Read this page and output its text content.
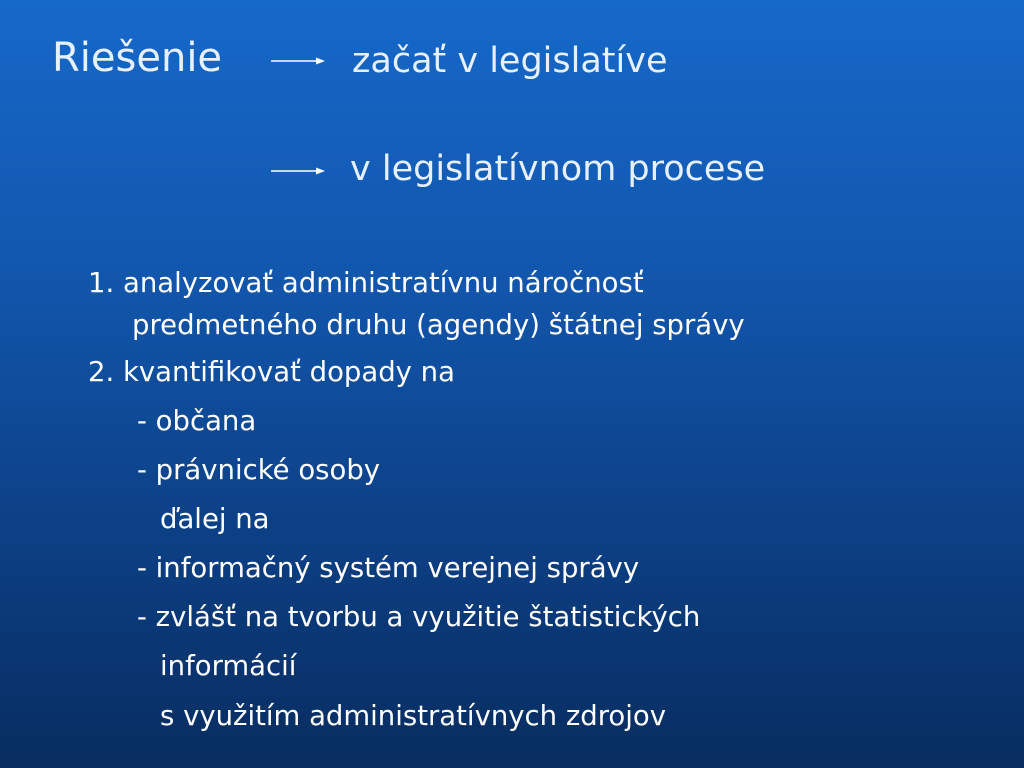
Riešenie	začať v legislatíve
v legislatívnom procese
1. analyzovať administratívnu náročnosť
predmetného druhu (agendy) štátnej správy
2. kvantifikovať dopady na
- občana
- právnické osoby
ďalej na
- informačný systém verejnej správy
- zvlášť na tvorbu a využitie štatistických
informácií
s využitím administratívnych zdrojov
